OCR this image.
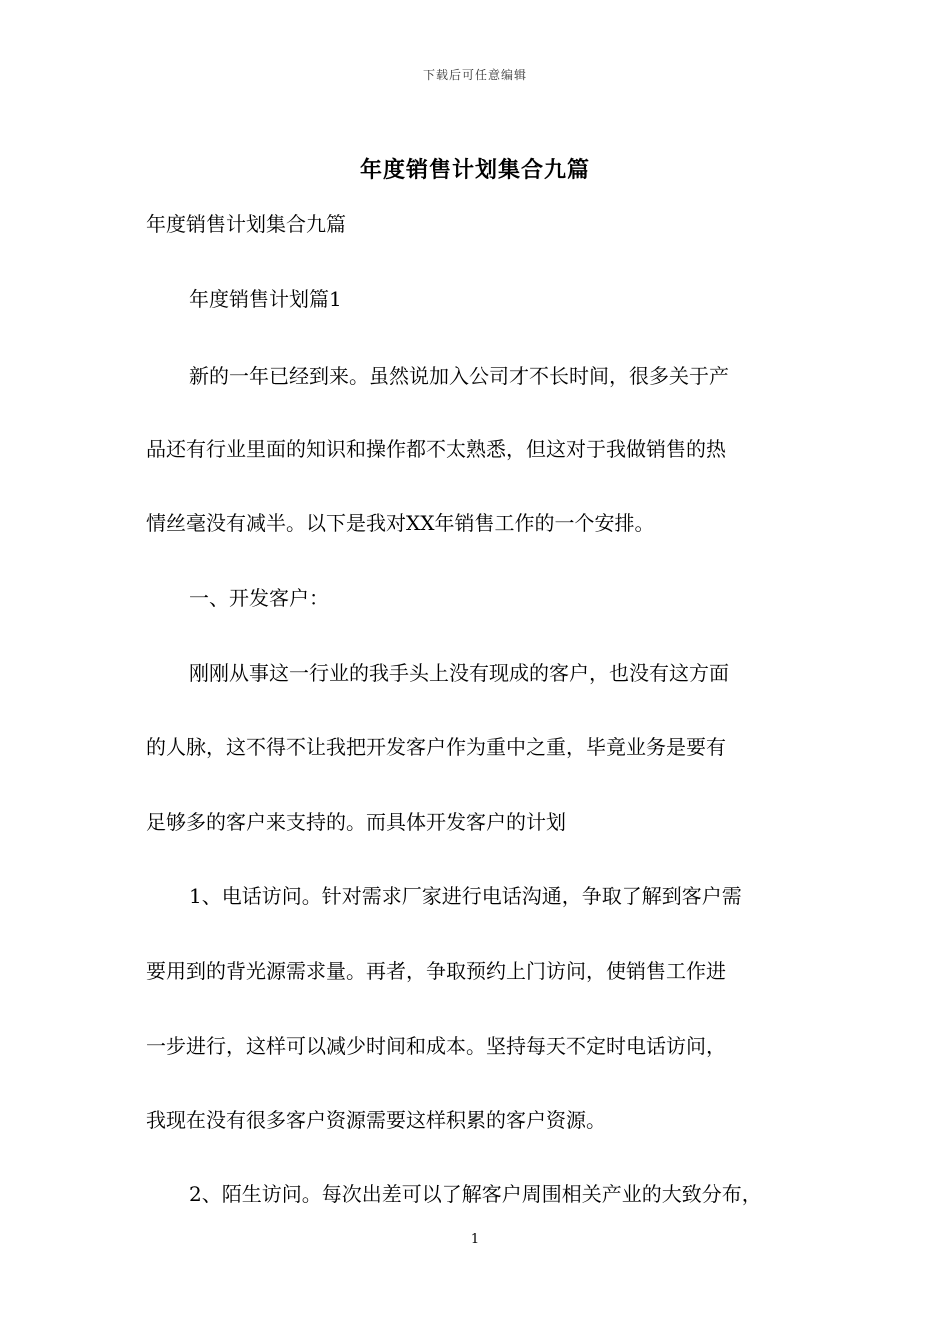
下载后可任意编辑
年度销售计划集合九篇
年度销售计划集合九篇
年度销售计划篇1
新的一年已经到来。虽然说加入公司才不长时间，很多关于产
品还有行业里面的知识和操作都不太熟悉，但这对于我做销售的热
情丝毫没有减半。以下是我对XX年销售工作的一个安排。
一、开发客户：
刚刚从事这一行业的我手头上没有现成的客户，也没有这方面
的人脉，这不得不让我把开发客户作为重中之重，毕竟业务是要有
足够多的客户来支持的。而具体开发客户的计划
1、电话访问。针对需求厂家进行电话沟通，争取了解到客户需
要用到的背光源需求量。再者，争取预约上门访问，使销售工作进
一步进行，这样可以减少时间和成本。坚持每天不定时电话访问，
我现在没有很多客户资源需要这样积累的客户资源。
2、陌生访问。每次出差可以了解客户周围相关产业的大致分布，
1
